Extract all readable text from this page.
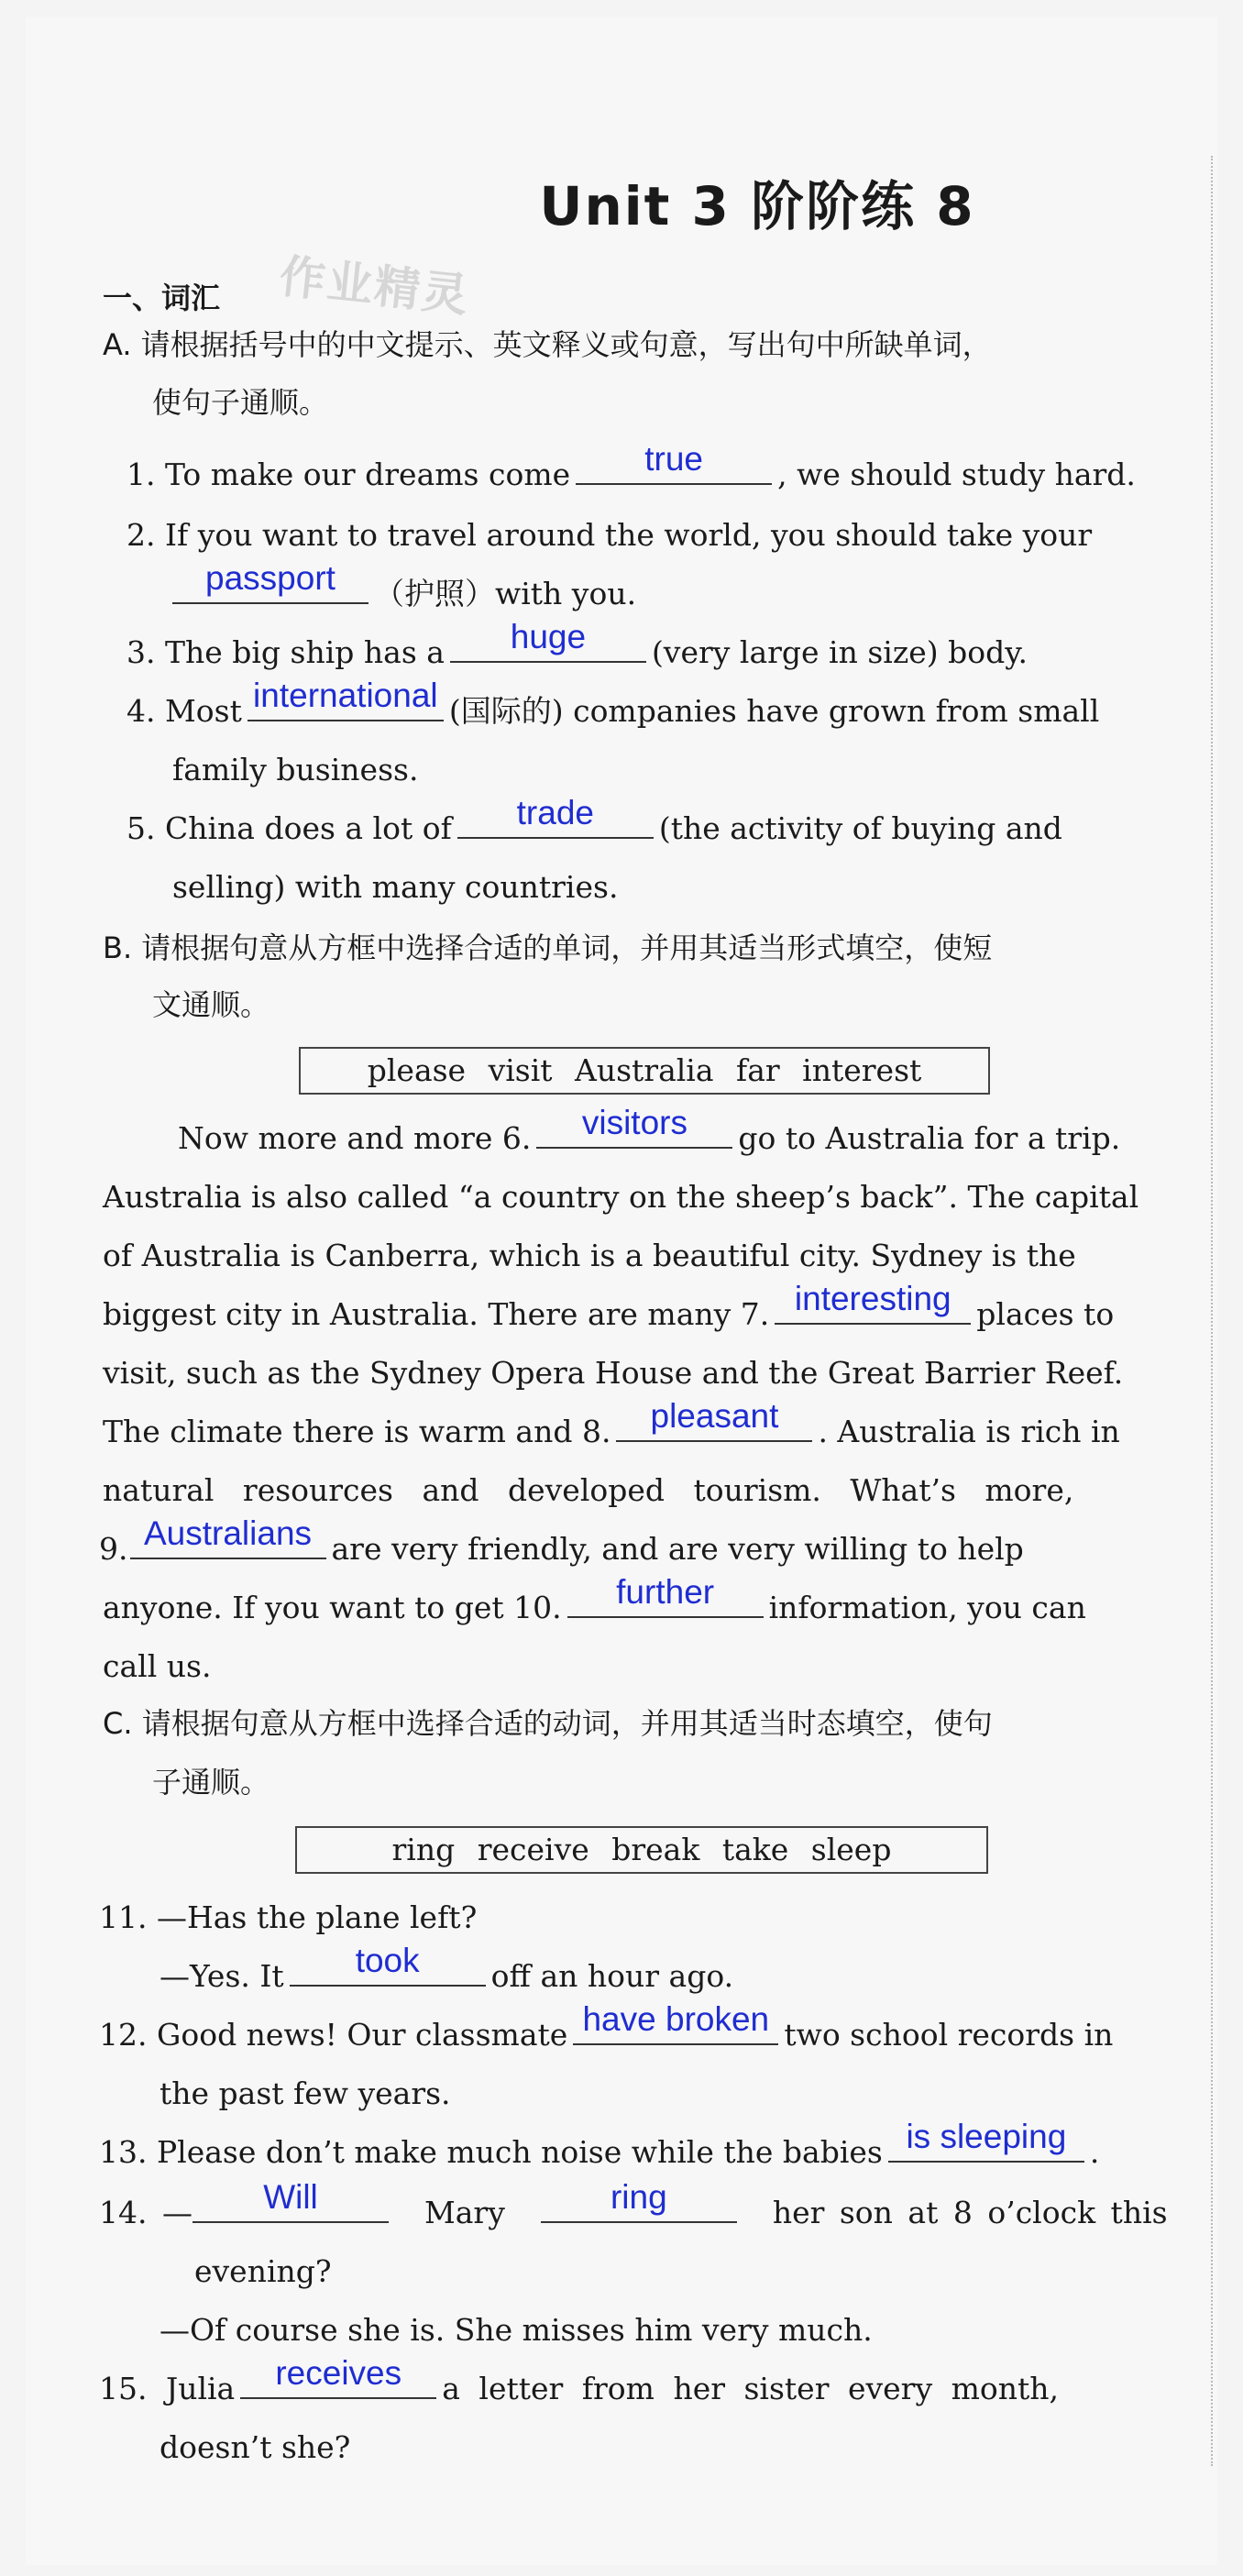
Unit 3 阶阶练 8
作业精灵
一、词汇
A. 请根据括号中的中文提示、英文释义或句意，写出句中所缺单词，
使句子通顺。
1. To make our dreams come	true	, we should study hard.
2. If you want to travel around the world, you should take your
passport	（护照）with you.
3. The big ship has a	huge	(very large in size) body.
4. Most international (国际的) companies have grown from small
family business.
5. China does a lot of	trade	(the activity of buying and
selling) with many countries.
B. 请根据句意从方框中选择合适的单词，并用其适当形式填空，使短
文通顺。
please visit Australia far interest
Now more and more 6.	visitors	go to Australia for a trip.
Australia is also called “a country on the sheep’s back”. The capital
of Australia is Canberra, which is a beautiful city. Sydney is the
biggest city in Australia. There are many 7. interesting places to
visit, such as the Sydney Opera House and the Great Barrier Reef.
The climate there is warm and 8.	pleasant	. Australia is rich in
natural   resources   and   developed   tourism.   What’s   more,
9. Australians are very friendly, and are very willing to help
anyone. If you want to get 10.	further	information, you can
call us.
C. 请根据句意从方框中选择合适的动词，并用其适当时态填空，使句
子通顺。
ring receive break take sleep
11. —Has the plane left?
—Yes. It	took	off an hour ago.
12. Good news! Our classmate have broken two school records in
the past few years.
13. Please don’t make much noise while the babies is sleeping .
14. —	Will	Mary	ring	her son at 8 o’clock this
evening?
—Of course she is. She misses him very much.
15. Julia	receives	a letter from her sister every month,
doesn’t she?
